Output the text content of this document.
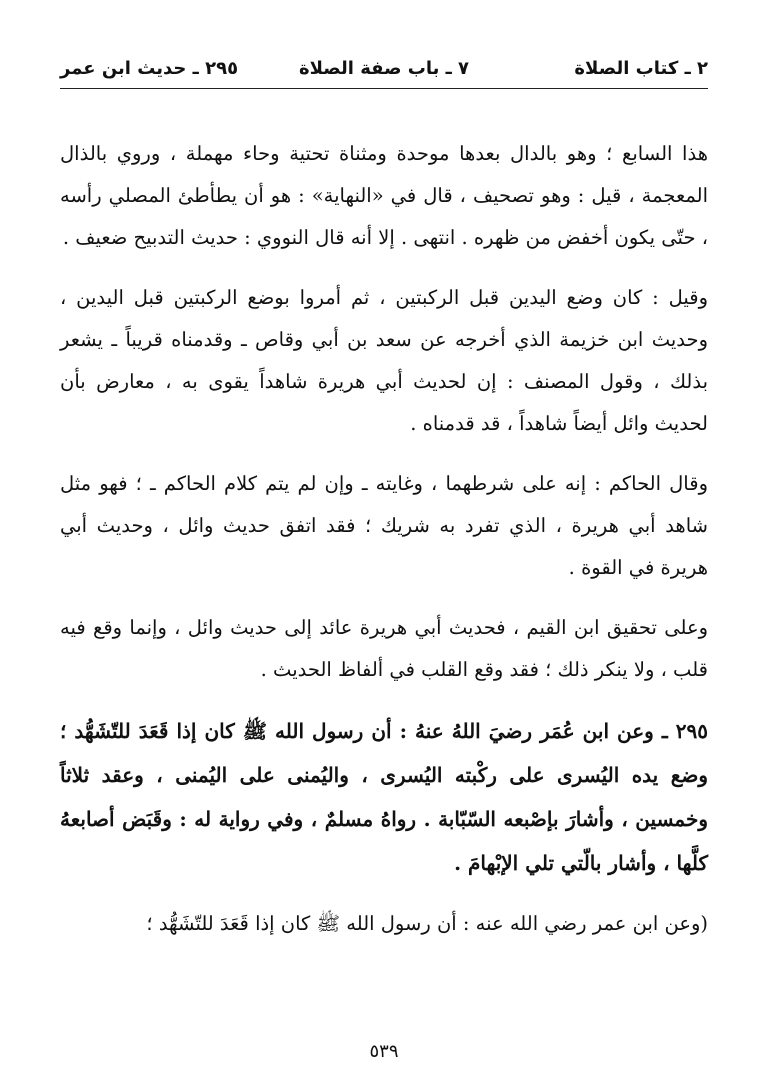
٢ ـ كتاب الصلاة
٧ ـ باب صفة الصلاة
٢٩٥ ـ حديث ابن عمر

هذا السابع ؛ وهو بالدال بعدها موحدة ومثناة تحتية وحاء مهملة ، وروي بالذال المعجمة ، قيل : وهو تصحيف ، قال في «النهاية» : هو أن يطأطئ المصلي رأسه ، حتّى يكون أخفض من ظهره . انتهى . إلا أنه قال النووي : حديث التدبيح ضعيف .

وقيل : كان وضع اليدين قبل الركبتين ، ثم أمروا بوضع الركبتين قبل اليدين ، وحديث ابن خزيمة الذي أخرجه عن سعد بن أبي وقاص ـ وقدمناه قريباً ـ يشعر بذلك ، وقول المصنف : إن لحديث أبي هريرة شاهداً يقوى به ، معارض بأن لحديث وائل أيضاً شاهداً ، قد قدمناه .

وقال الحاكم : إنه على شرطهما ، وغايته ـ وإن لم يتم كلام الحاكم ـ ؛ فهو مثل شاهد أبي هريرة ، الذي تفرد به شريك ؛ فقد اتفق حديث وائل ، وحديث أبي هريرة في القوة .

وعلى تحقيق ابن القيم ، فحديث أبي هريرة عائد إلى حديث وائل ، وإنما وقع فيه قلب ، ولا ينكر ذلك ؛ فقد وقع القلب في ألفاظ الحديث .

٢٩٥ ـ وعن ابن عُمَر رضيَ اللهُ عنهُ : أن رسول الله ﷺ كان إذا قَعَدَ للتّشَهُّد ؛ وضع يده اليُسرى على ركْبته اليُسرى ، واليُمنى على اليُمنى ، وعقد ثلاثاً وخمسين ، وأشارَ بإصْبعه السّبّابة . رواهُ مسلمٌ ، وفي رواية له : وقَبَض أصابعهُ كلَّها ، وأشار بالّتي تلي الإبْهامَ .

(وعن ابن عمر رضي الله عنه : أن رسول الله ﷺ كان إذا قَعَدَ للتّشَهُّد ؛

٥٣٩
